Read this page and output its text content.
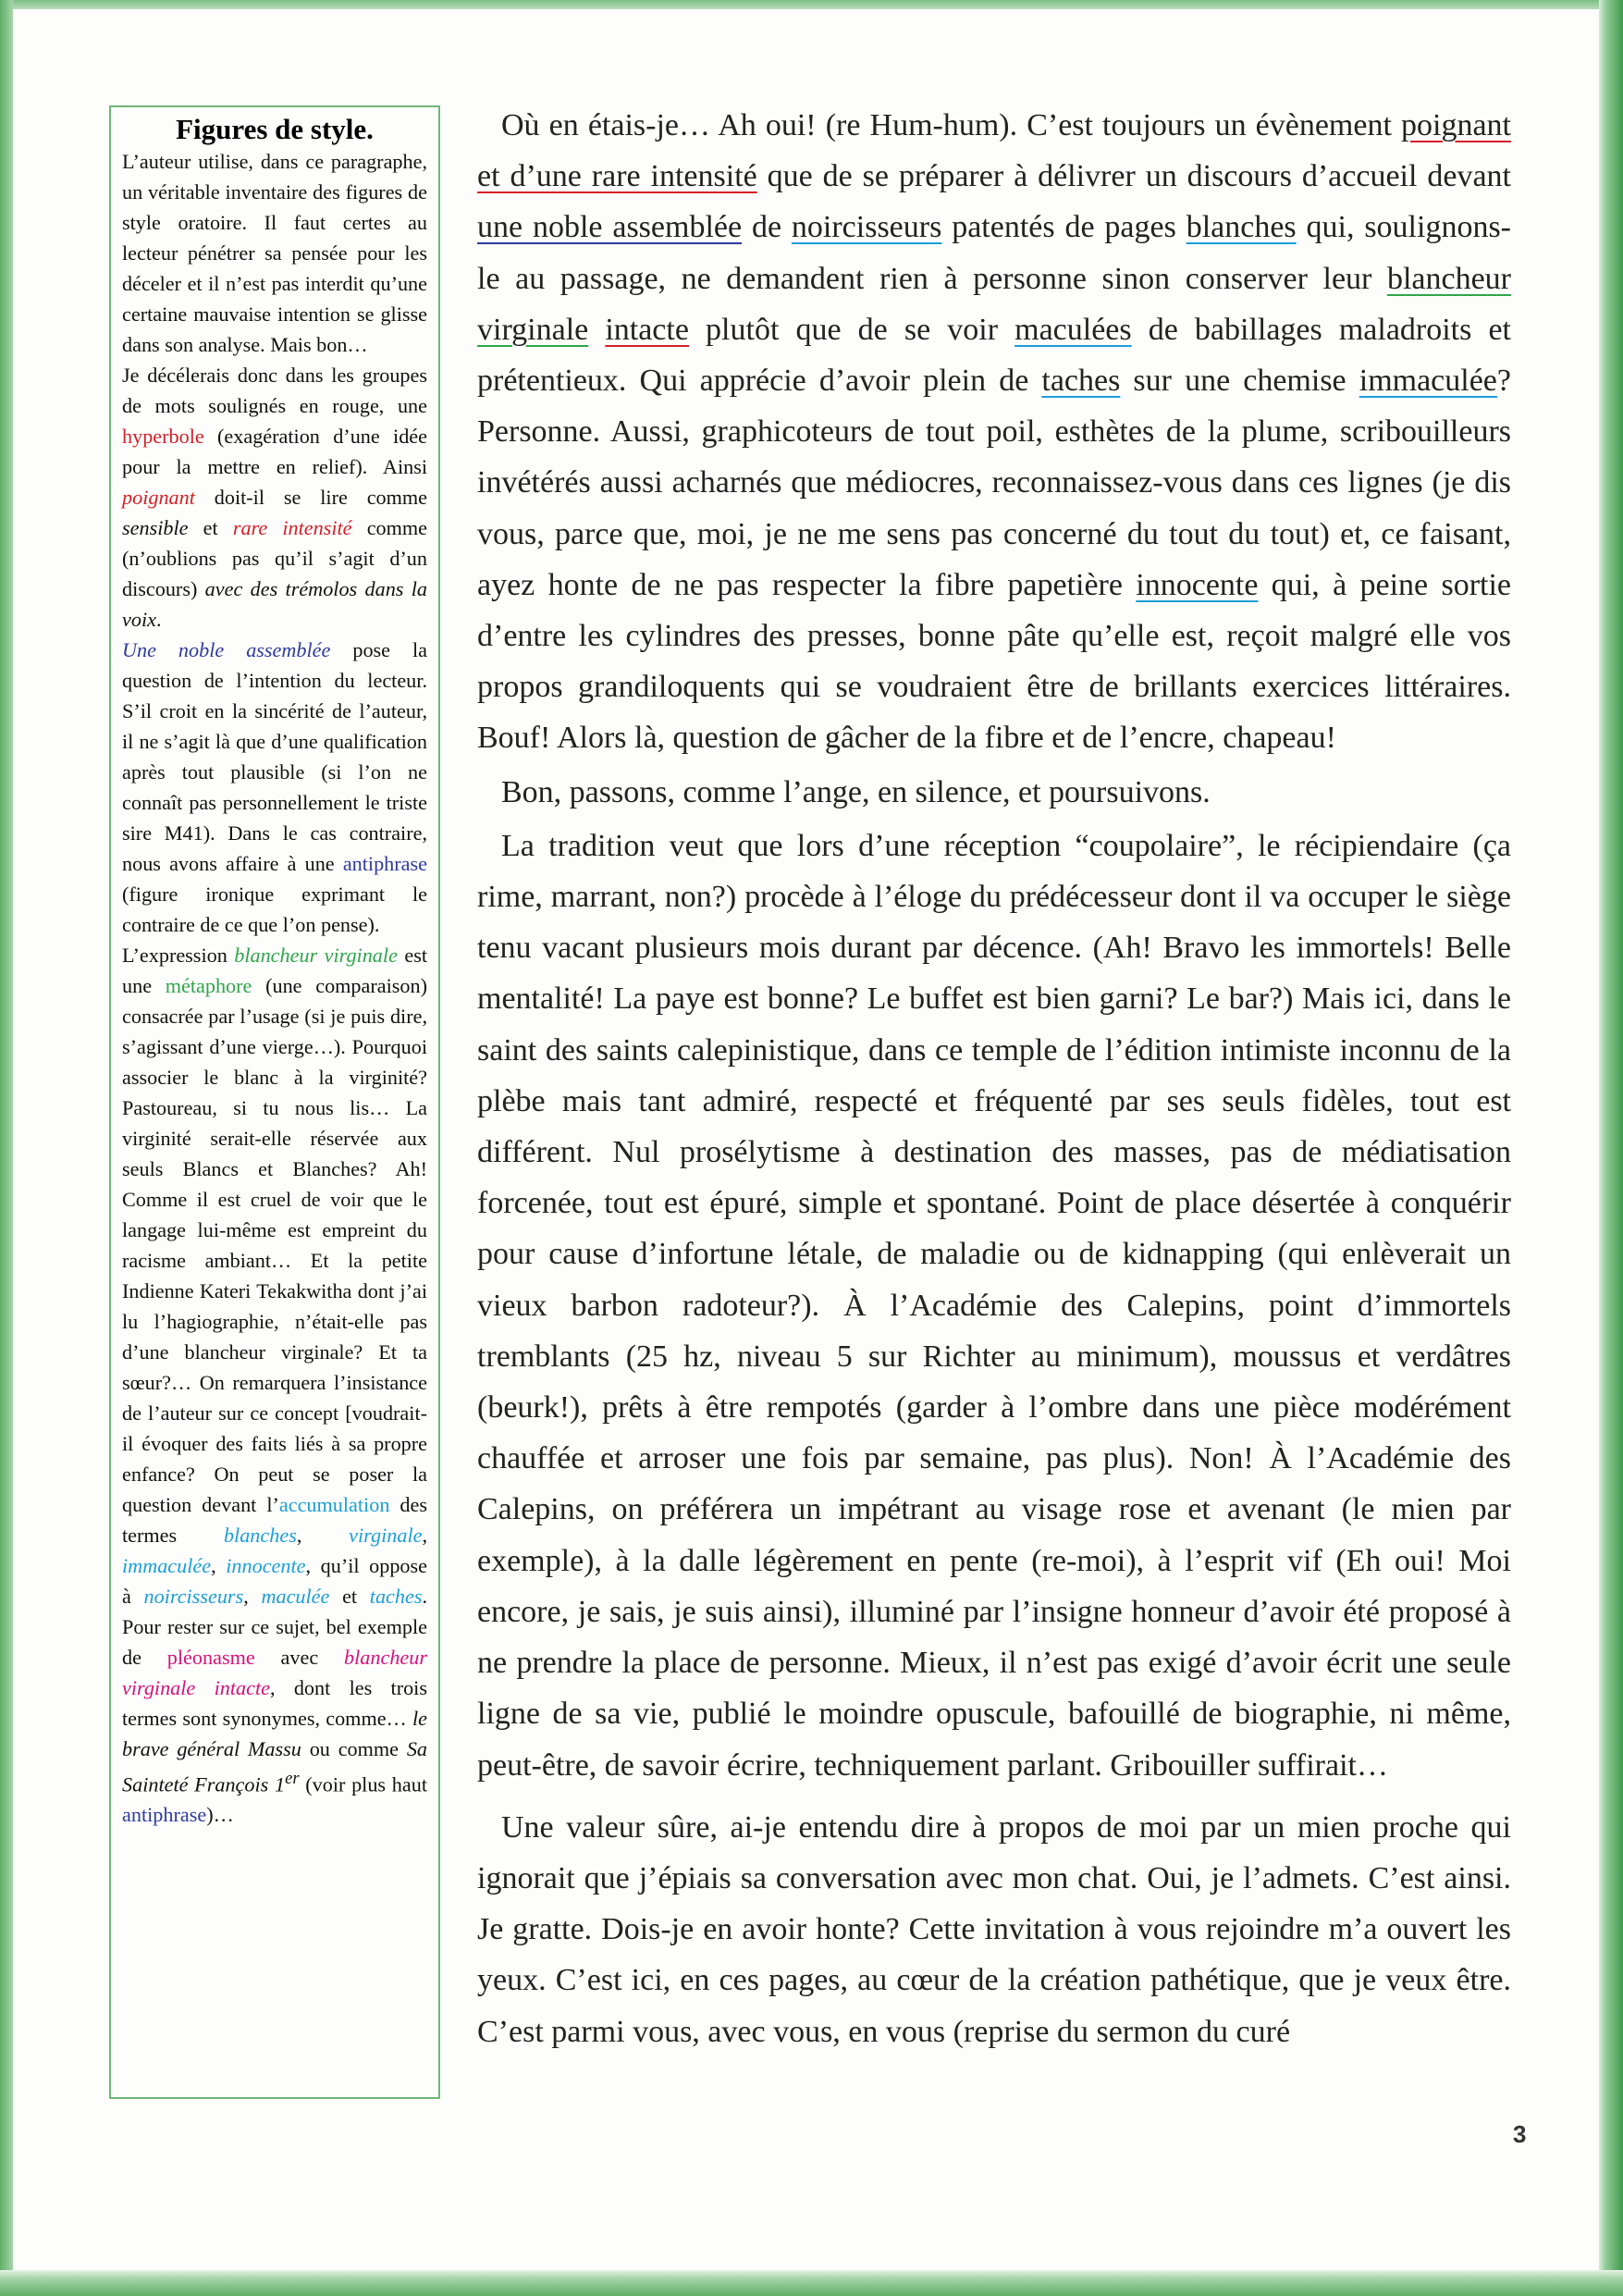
Figures de style.

L’auteur utilise, dans ce paragraphe, un véritable inventaire des figures de style oratoire. Il faut certes au lecteur pénétrer sa pensée pour les déceler et il n’est pas interdit qu’une certaine mauvaise intention se glisse dans son analyse. Mais bon…

Je décélerais donc dans les groupes de mots soulignés en rouge, une hyperbole (exagération d’une idée pour la mettre en relief). Ainsi poignant doit-il se lire comme sensible et rare intensité comme (n’oublions pas qu’il s’agit d’un discours) avec des trémolos dans la voix.

Une noble assemblée pose la question de l’intention du lecteur. S’il croit en la sincérité de l’auteur, il ne s’agit là que d’une qualification après tout plausible (si l’on ne connaît pas personnellement le triste sire M41). Dans le cas contraire, nous avons affaire à une antiphrase (figure ironique exprimant le contraire de ce que l’on pense).

L’expression blancheur virginale est une métaphore (une comparaison) consacrée par l’usage (si je puis dire, s’agissant d’une vierge…). Pourquoi associer le blanc à la virginité? Pastoureau, si tu nous lis… La virginité serait-elle réservée aux seuls Blancs et Blanches? Ah! Comme il est cruel de voir que le langage lui-même est empreint du racisme ambiant… Et la petite Indienne Kateri Tekakwitha dont j’ai lu l’hagiographie, n’était-elle pas d’une blancheur virginale? Et ta sœur?… On remarquera l’insistance de l’auteur sur ce concept [voudrait-il évoquer des faits liés à sa propre enfance? On peut se poser la question devant l’accumulation des termes blanches, virginale, immaculée, innocente, qu’il oppose à noircisseurs, maculée et taches. Pour rester sur ce sujet, bel exemple de pléonasme avec blancheur virginale intacte, dont les trois termes sont synonymes, comme… le brave général Massu ou comme Sa Sainteté François 1er (voir plus haut antiphrase)…

Où en étais-je… Ah oui! (re Hum-hum). C’est toujours un évènement poignant et d’une rare intensité que de se préparer à délivrer un discours d’accueil devant une noble assemblée de noircisseurs patentés de pages blanches qui, soulignons-le au passage, ne demandent rien à personne sinon conserver leur blancheur virginale intacte plutôt que de se voir maculées de babillages maladroits et prétentieux. Qui apprécie d’avoir plein de taches sur une chemise immaculée? Personne. Aussi, graphicoteurs de tout poil, esthètes de la plume, scribouilleurs invétérés aussi acharnés que médiocres, reconnaissez-vous dans ces lignes (je dis vous, parce que, moi, je ne me sens pas concerné du tout du tout) et, ce faisant, ayez honte de ne pas respecter la fibre papetière innocente qui, à peine sortie d’entre les cylindres des presses, bonne pâte qu’elle est, reçoit malgré elle vos propos grandiloquents qui se voudraient être de brillants exercices littéraires. Bouf! Alors là, question de gâcher de la fibre et de l’encre, chapeau!

Bon, passons, comme l’ange, en silence, et poursuivons.

La tradition veut que lors d’une réception “coupolaire”, le récipiendaire (ça rime, marrant, non?) procède à l’éloge du prédécesseur dont il va occuper le siège tenu vacant plusieurs mois durant par décence. (Ah! Bravo les immortels! Belle mentalité! La paye est bonne? Le buffet est bien garni? Le bar?) Mais ici, dans le saint des saints calepinistique, dans ce temple de l’édition intimiste inconnu de la plèbe mais tant admiré, respecté et fréquenté par ses seuls fidèles, tout est différent. Nul prosélytisme à destination des masses, pas de médiatisation forcenée, tout est épuré, simple et spontané. Point de place désertée à conquérir pour cause d’infortune létale, de maladie ou de kidnapping (qui enlèverait un vieux barbon radoteur?). À l’Académie des Calepins, point d’immortels tremblants (25 hz, niveau 5 sur Richter au minimum), moussus et verdâtres (beurk!), prêts à être rempotés (garder à l’ombre dans une pièce modérément chauffée et arroser une fois par semaine, pas plus). Non! À l’Académie des Calepins, on préférera un impétrant au visage rose et avenant (le mien par exemple), à la dalle légèrement en pente (re-moi), à l’esprit vif (Eh oui! Moi encore, je sais, je suis ainsi), illuminé par l’insigne honneur d’avoir été proposé à ne prendre la place de personne. Mieux, il n’est pas exigé d’avoir écrit une seule ligne de sa vie, publié le moindre opuscule, bafouillé de biographie, ni même, peut-être, de savoir écrire, techniquement parlant. Gribouiller suffirait…

Une valeur sûre, ai-je entendu dire à propos de moi par un mien proche qui ignorait que j’épiais sa conversation avec mon chat. Oui, je l’admets. C’est ainsi. Je gratte. Dois-je en avoir honte? Cette invitation à vous rejoindre m’a ouvert les yeux. C’est ici, en ces pages, au cœur de la création pathétique, que je veux être. C’est parmi vous, avec vous, en vous (reprise du sermon du curé

3
